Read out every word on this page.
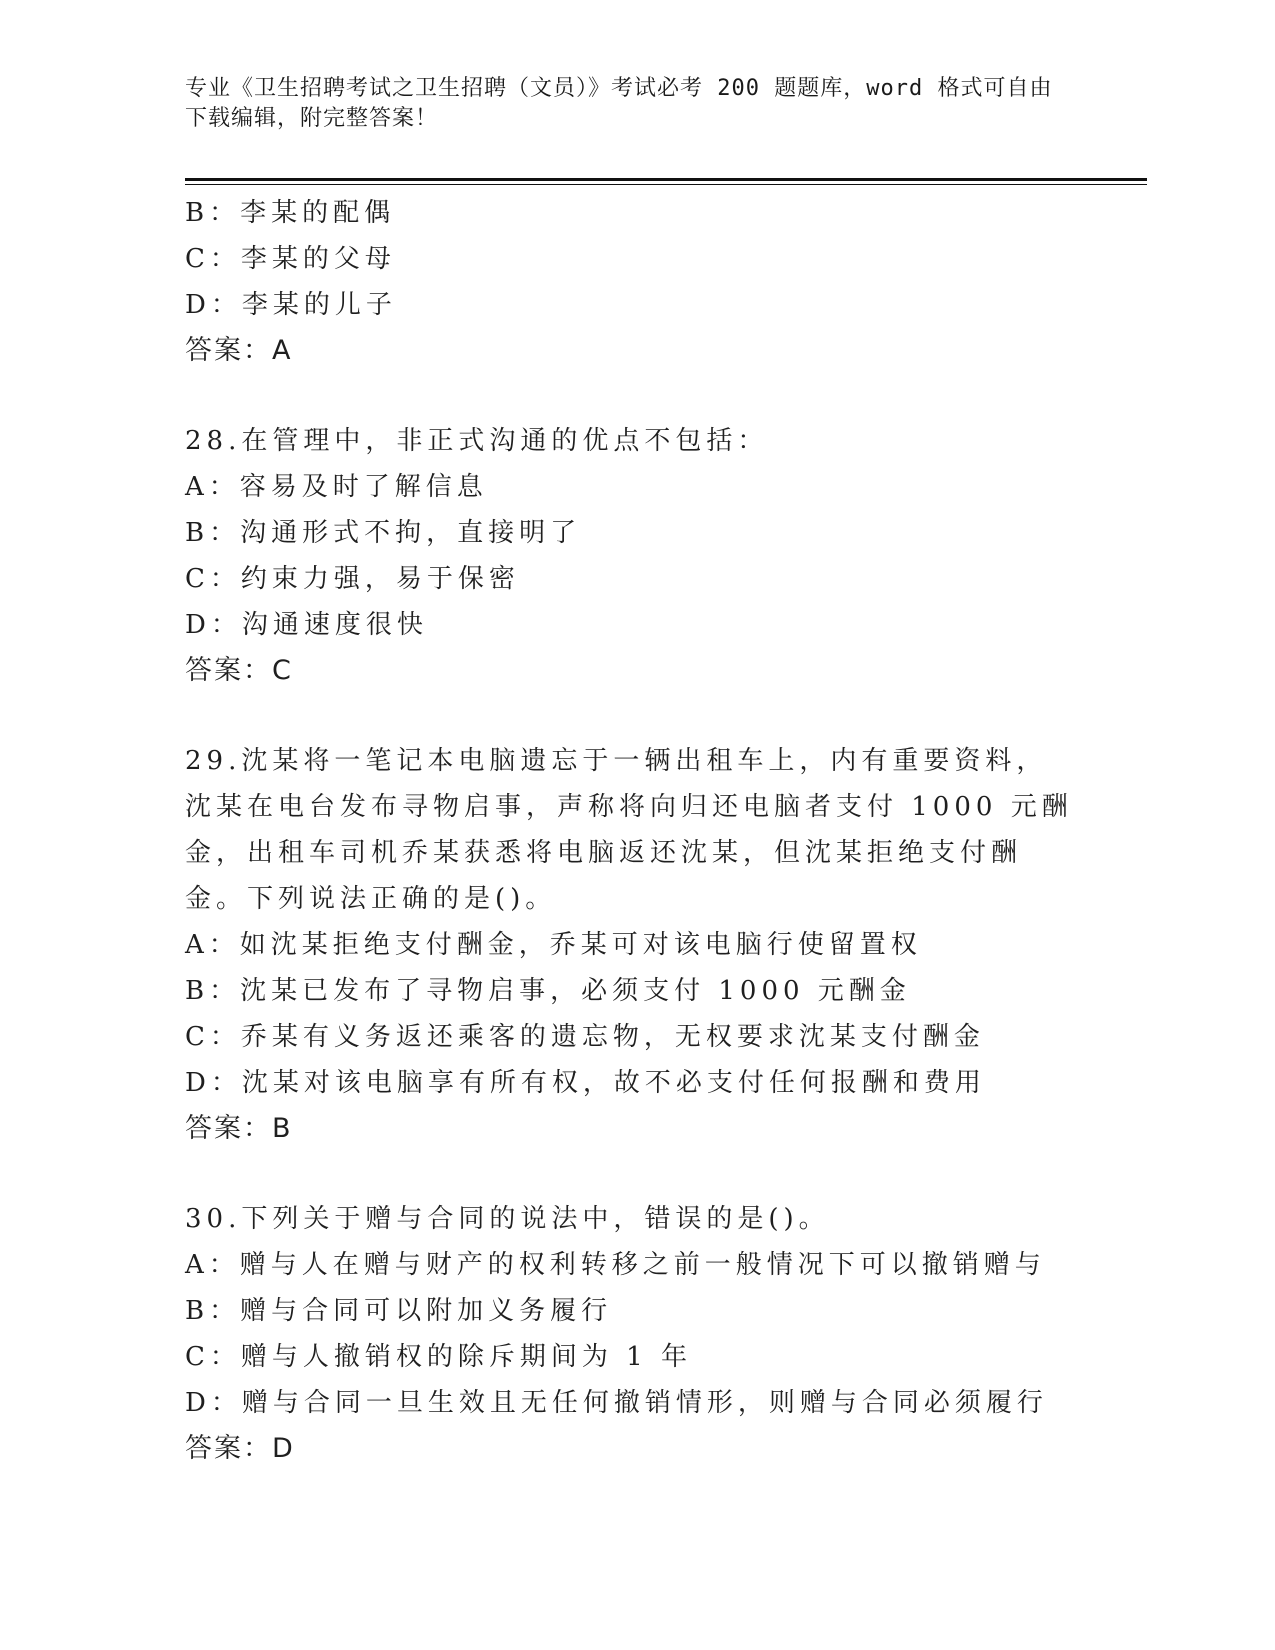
专业《卫生招聘考试之卫生招聘（文员）》考试必考 200 题题库，word 格式可自由下载编辑，附完整答案！
B：李某的配偶
C：李某的父母
D：李某的儿子
答案：A
28.在管理中，非正式沟通的优点不包括：
A：容易及时了解信息
B：沟通形式不拘，直接明了
C：约束力强，易于保密
D：沟通速度很快
答案：C
29.沈某将一笔记本电脑遗忘于一辆出租车上，内有重要资料，沈某在电台发布寻物启事，声称将向归还电脑者支付 1000 元酬金，出租车司机乔某获悉将电脑返还沈某，但沈某拒绝支付酬金。下列说法正确的是()。
A：如沈某拒绝支付酬金，乔某可对该电脑行使留置权
B：沈某已发布了寻物启事，必须支付 1000 元酬金
C：乔某有义务返还乘客的遗忘物，无权要求沈某支付酬金
D：沈某对该电脑享有所有权，故不必支付任何报酬和费用
答案：B
30.下列关于赠与合同的说法中，错误的是()。
A：赠与人在赠与财产的权利转移之前一般情况下可以撤销赠与
B：赠与合同可以附加义务履行
C：赠与人撤销权的除斥期间为 1 年
D：赠与合同一旦生效且无任何撤销情形，则赠与合同必须履行
答案：D
